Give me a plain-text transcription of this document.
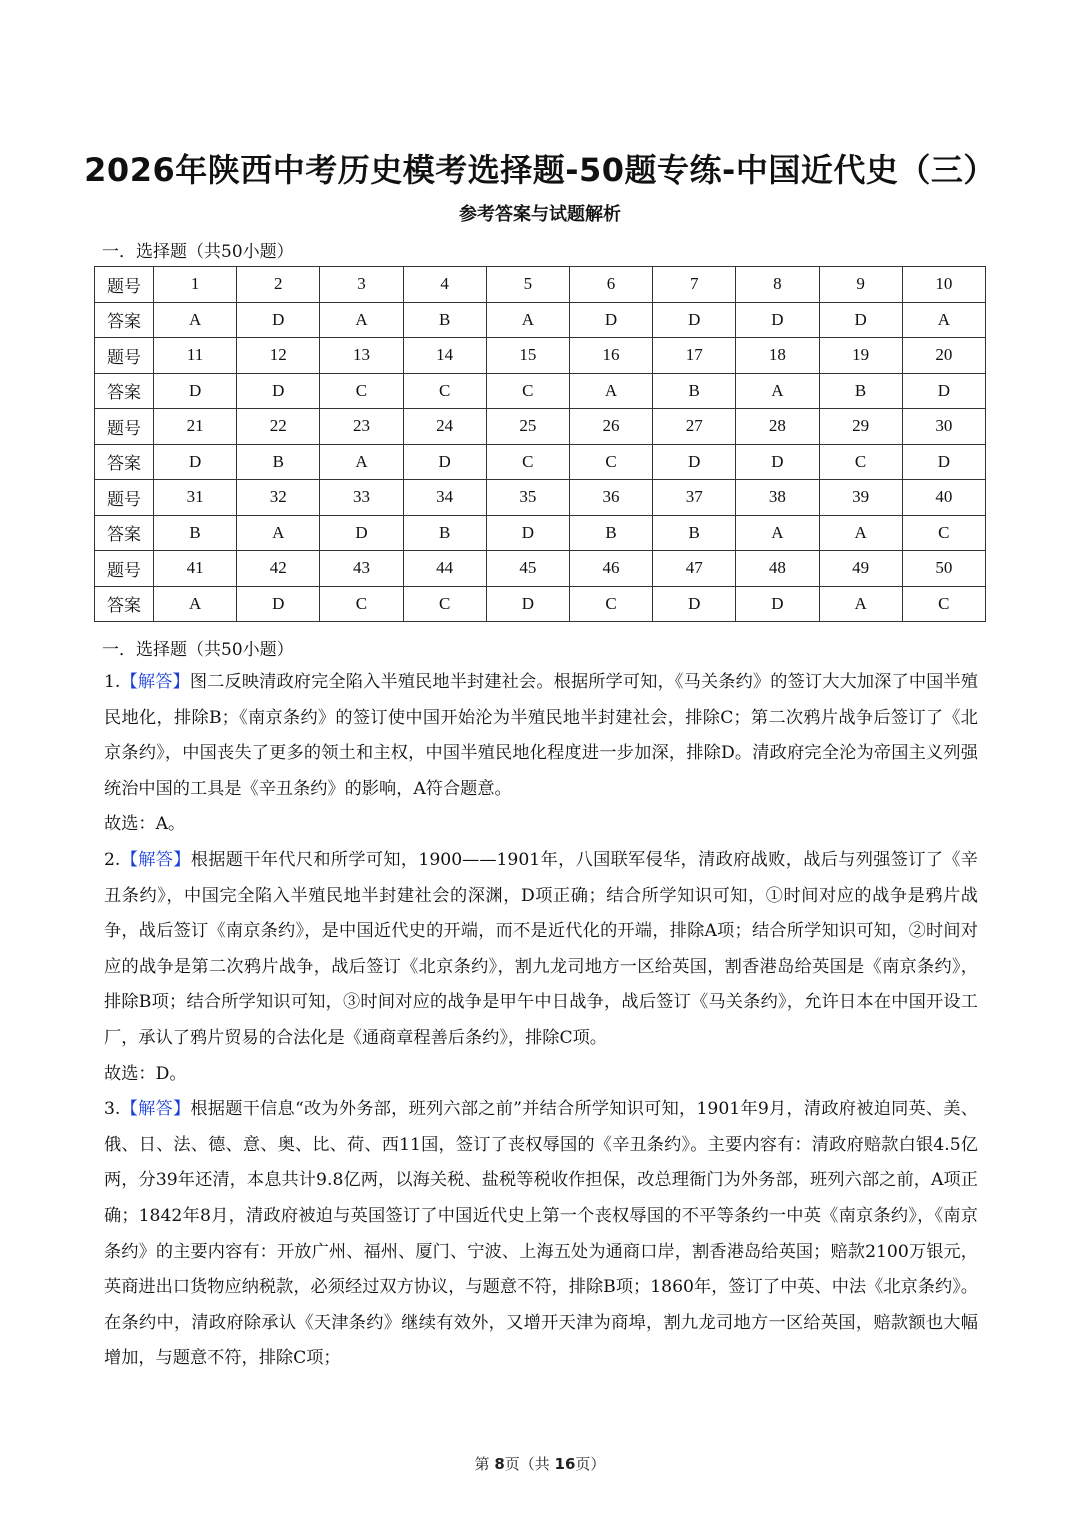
2026年陕西中考历史模考选择题-50题专练-中国近代史（三）
参考答案与试题解析
一．选择题（共50小题）
题号	1	2	3	4	5	6	7	8	9	10
答案	A	D	A	B	A	D	D	D	D	A
题号	11	12	13	14	15	16	17	18	19	20
答案	D	D	C	C	C	A	B	A	B	D
题号	21	22	23	24	25	26	27	28	29	30
答案	D	B	A	D	C	C	D	D	C	D
题号	31	32	33	34	35	36	37	38	39	40
答案	B	A	D	B	D	B	B	A	A	C
题号	41	42	43	44	45	46	47	48	49	50
答案	A	D	C	C	D	C	D	D	A	C
一．选择题（共50小题）

1.【解答】图二反映清政府完全陷入半殖民地半封建社会。根据所学可知，《马关条约》的签订大大加深了中国半殖民地化，排除B；《南京条约》的签订使中国开始沦为半殖民地半封建社会，排除C；第二次鸦片战争后签订了《北京条约》，中国丧失了更多的领土和主权，中国半殖民地化程度进一步加深，排除D。清政府完全沦为帝国主义列强统治中国的工具是《辛丑条约》的影响，A符合题意。

故选：A。

2.【解答】根据题干年代尺和所学可知，1900——1901年，八国联军侵华，清政府战败，战后与列强签订了《辛丑条约》，中国完全陷入半殖民地半封建社会的深渊，D项正确；结合所学知识可知，①时间对应的战争是鸦片战争，战后签订《南京条约》，是中国近代史的开端，而不是近代化的开端，排除A项；结合所学知识可知，②时间对应的战争是第二次鸦片战争，战后签订《北京条约》，割九龙司地方一区给英国，割香港岛给英国是《南京条约》，排除B项；结合所学知识可知，③时间对应的战争是甲午中日战争，战后签订《马关条约》，允许日本在中国开设工厂，承认了鸦片贸易的合法化是《通商章程善后条约》，排除C项。

故选：D。

3.【解答】根据题干信息“改为外务部，班列六部之前”并结合所学知识可知，1901年9月，清政府被迫同英、美、俄、日、法、德、意、奥、比、荷、西11国，签订了丧权辱国的《辛丑条约》。主要内容有：清政府赔款白银4.5亿两，分39年还清，本息共计9.8亿两，以海关税、盐税等税收作担保，改总理衙门为外务部，班列六部之前，A项正确；1842年8月，清政府被迫与英国签订了中国近代史上第一个丧权辱国的不平等条约一中英《南京条约》，《南京条约》的主要内容有：开放广州、福州、厦门、宁波、上海五处为通商口岸，割香港岛给英国；赔款2100万银元，英商进出口货物应纳税款，必须经过双方协议，与题意不符，排除B项；1860年，签订了中英、中法《北京条约》。在条约中，清政府除承认《天津条约》继续有效外，又增开天津为商埠，割九龙司地方一区给英国，赔款额也大幅增加，与题意不符，排除C项；

第 8页（共 16页）
